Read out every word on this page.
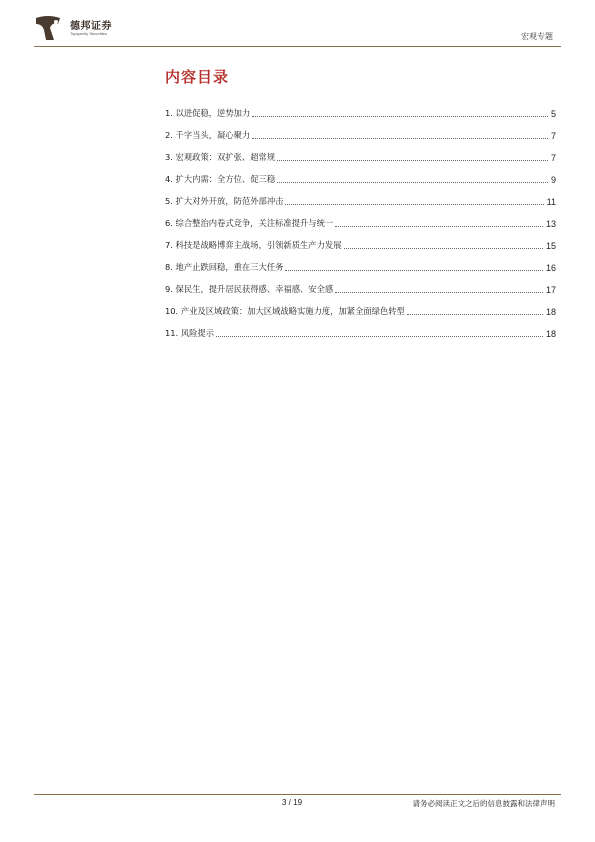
德邦证券
Topsperity Securities	宏观专题
内容目录
1. 以进促稳，逆势加力	5
2. 千字当头，凝心聚力	7
3. 宏观政策：双扩张、超常规	7
4. 扩大内需：全方位、促三稳	9
5. 扩大对外开放，防范外部冲击	11
6. 综合整治内卷式竞争，关注标准提升与统一	13
7. 科技是战略博弈主战场，引领新质生产力发展	15
8. 地产止跌回稳，重在三大任务	16
9. 保民生，提升居民获得感、幸福感、安全感	17
10. 产业及区域政策：加大区域战略实施力度，加紧全面绿色转型	18
11. 风险提示	18
3 / 19	请务必阅读正文之后的信息披露和法律声明
